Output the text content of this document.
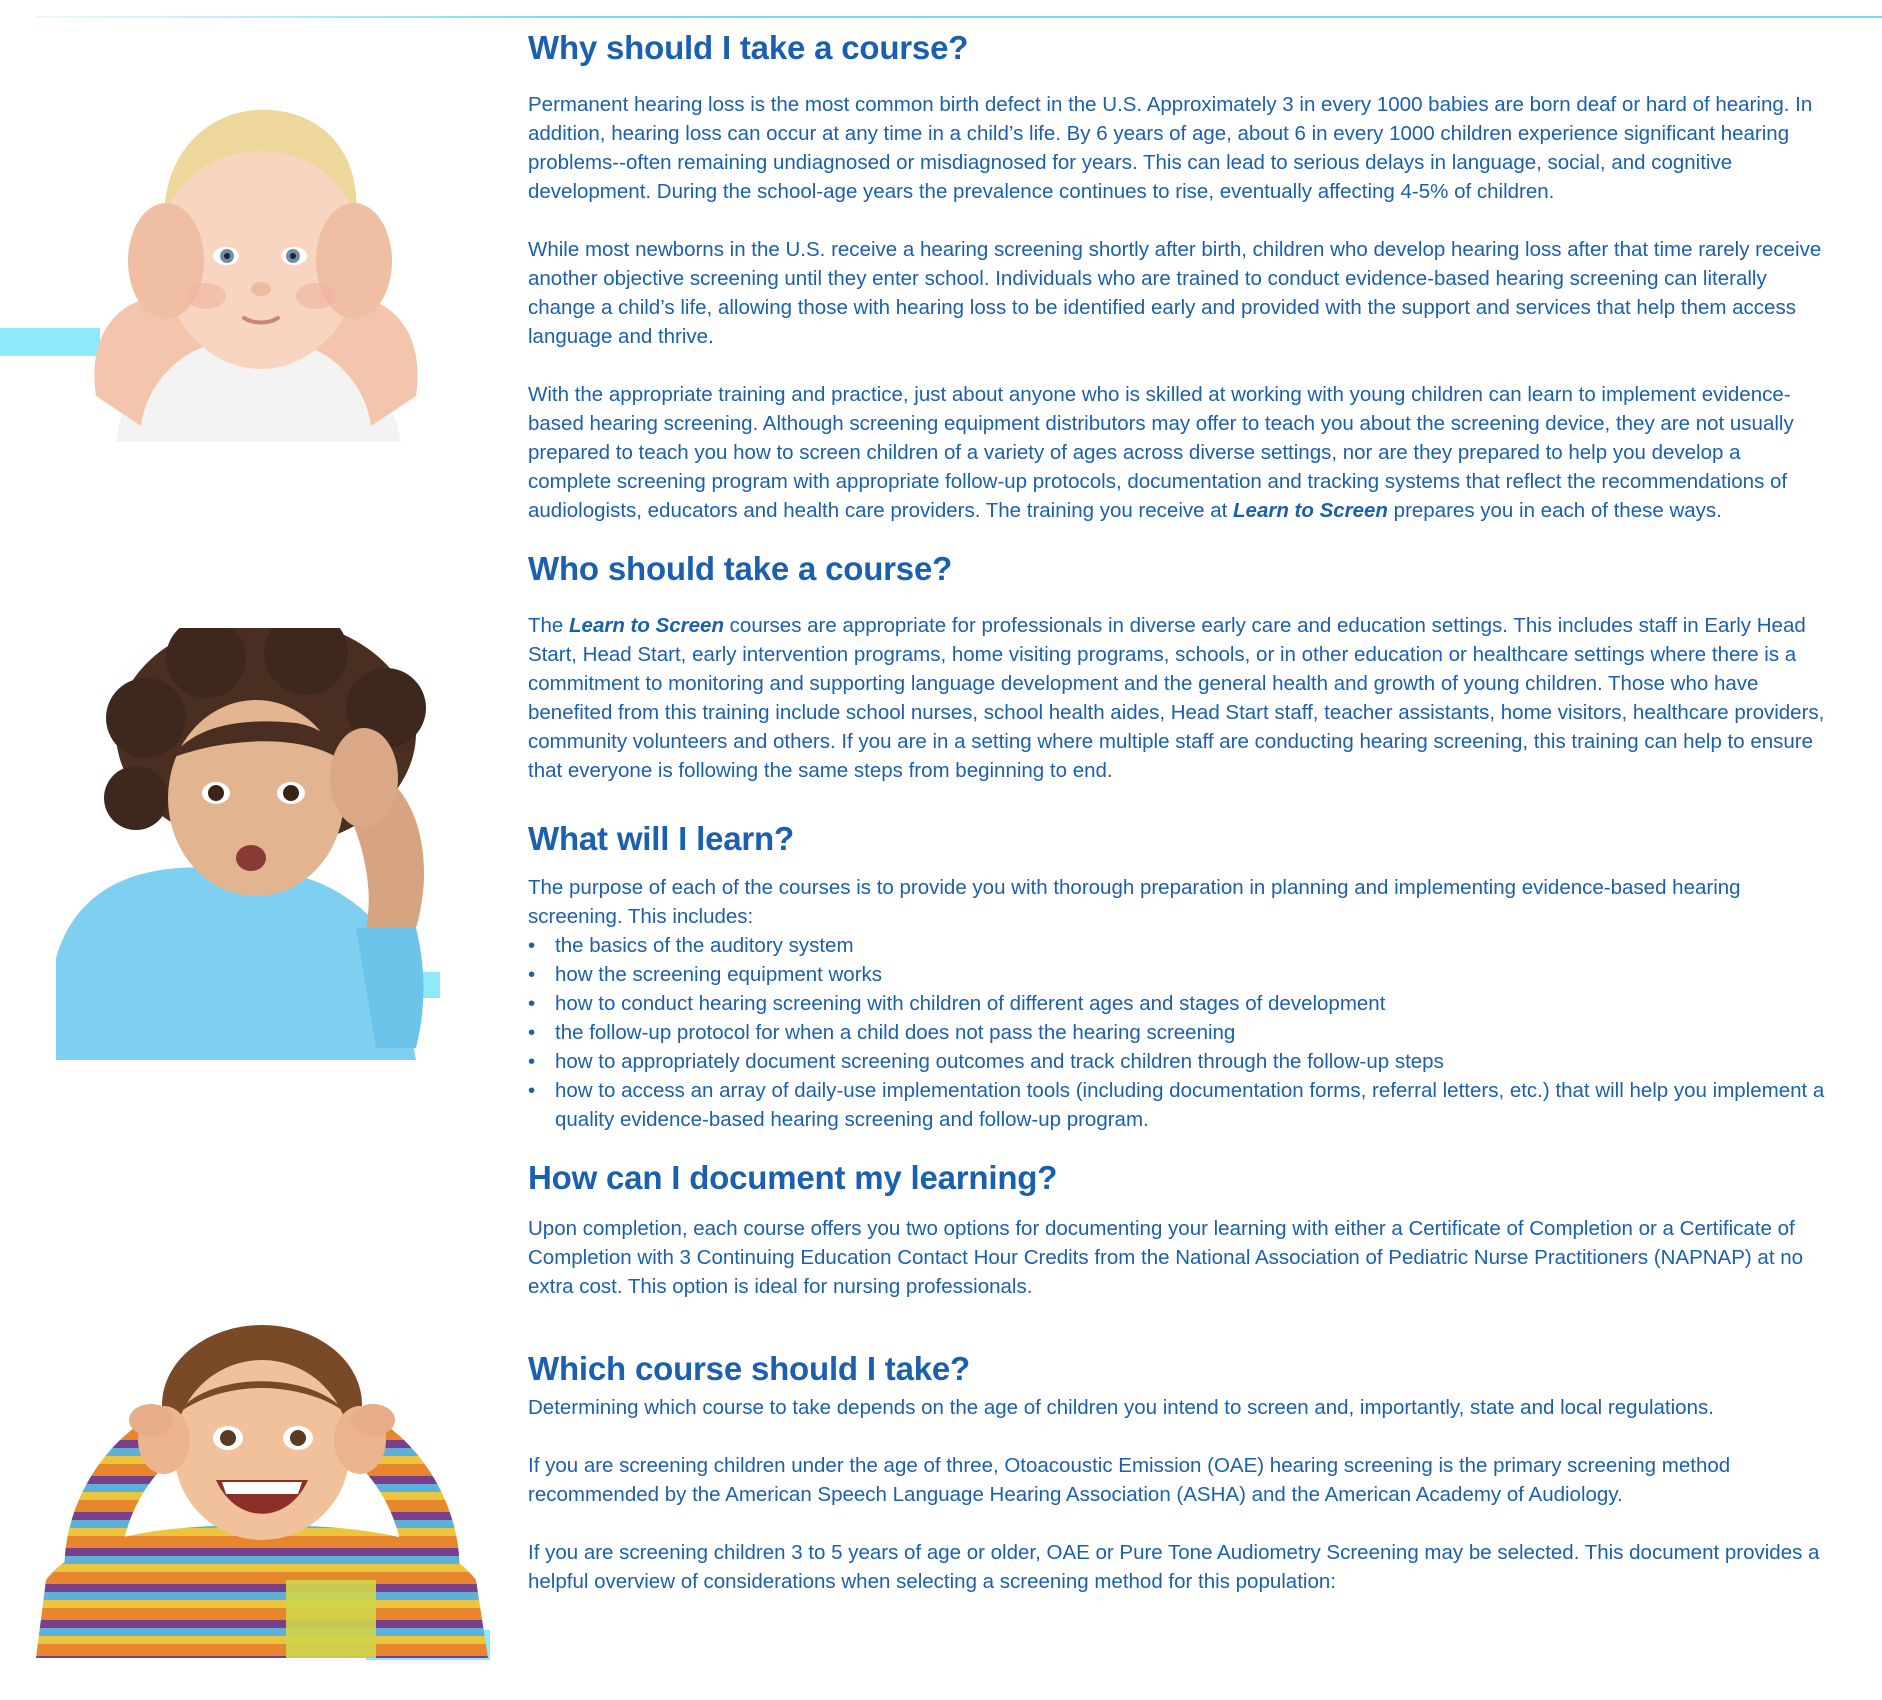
Why should I take a course?

Permanent hearing loss is the most common birth defect in the U.S. Approximately 3 in every 1000 babies are born deaf or hard of hearing. In addition, hearing loss can occur at any time in a child’s life. By 6 years of age, about 6 in every 1000 children experience significant hearing problems--often remaining undiagnosed or misdiagnosed for years. This can lead to serious delays in language, social, and cognitive development. During the school-age years the prevalence continues to rise, eventually affecting 4-5% of children.

While most newborns in the U.S. receive a hearing screening shortly after birth, children who develop hearing loss after that time rarely receive another objective screening until they enter school. Individuals who are trained to conduct evidence-based hearing screening can literally change a child’s life, allowing those with hearing loss to be identified early and provided with the support and services that help them access language and thrive.

With the appropriate training and practice, just about anyone who is skilled at working with young children can learn to implement evidence-based hearing screening. Although screening equipment distributors may offer to teach you about the screening device, they are not usually prepared to teach you how to screen children of a variety of ages across diverse settings, nor are they prepared to help you develop a complete screening program with appropriate follow-up protocols, documentation and tracking systems that reflect the recommendations of audiologists, educators and health care providers. The training you receive at Learn to Screen prepares you in each of these ways.

Who should take a course?

The Learn to Screen courses are appropriate for professionals in diverse early care and education settings. This includes staff in Early Head Start, Head Start, early intervention programs, home visiting programs, schools, or in other education or healthcare settings where there is a commitment to monitoring and supporting language development and the general health and growth of young children. Those who have benefited from this training include school nurses, school health aides, Head Start staff, teacher assistants, home visitors, healthcare providers, community volunteers and others. If you are in a setting where multiple staff are conducting hearing screening, this training can help to ensure that everyone is following the same steps from beginning to end.

What will I learn?

The purpose of each of the courses is to provide you with thorough preparation in planning and implementing evidence-based hearing screening. This includes:

• the basics of the auditory system
• how the screening equipment works
• how to conduct hearing screening with children of different ages and stages of development
• the follow-up protocol for when a child does not pass the hearing screening
• how to appropriately document screening outcomes and track children through the follow-up steps
• how to access an array of daily-use implementation tools (including documentation forms, referral letters, etc.) that will help you implement a quality evidence-based hearing screening and follow-up program.
How can I document my learning?

Upon completion, each course offers you two options for documenting your learning with either a Certificate of Completion or a Certificate of Completion with 3 Continuing Education Contact Hour Credits from the National Association of Pediatric Nurse Practitioners (NAPNAP) at no extra cost. This option is ideal for nursing professionals.

Which course should I take?

Determining which course to take depends on the age of children you intend to screen and, importantly, state and local regulations.

If you are screening children under the age of three, Otoacoustic Emission (OAE) hearing screening is the primary screening method recommended by the American Speech Language Hearing Association (ASHA) and the American Academy of Audiology.

If you are screening children 3 to 5 years of age or older, OAE or Pure Tone Audiometry Screening may be selected. This document provides a helpful overview of considerations when selecting a screening method for this population:
